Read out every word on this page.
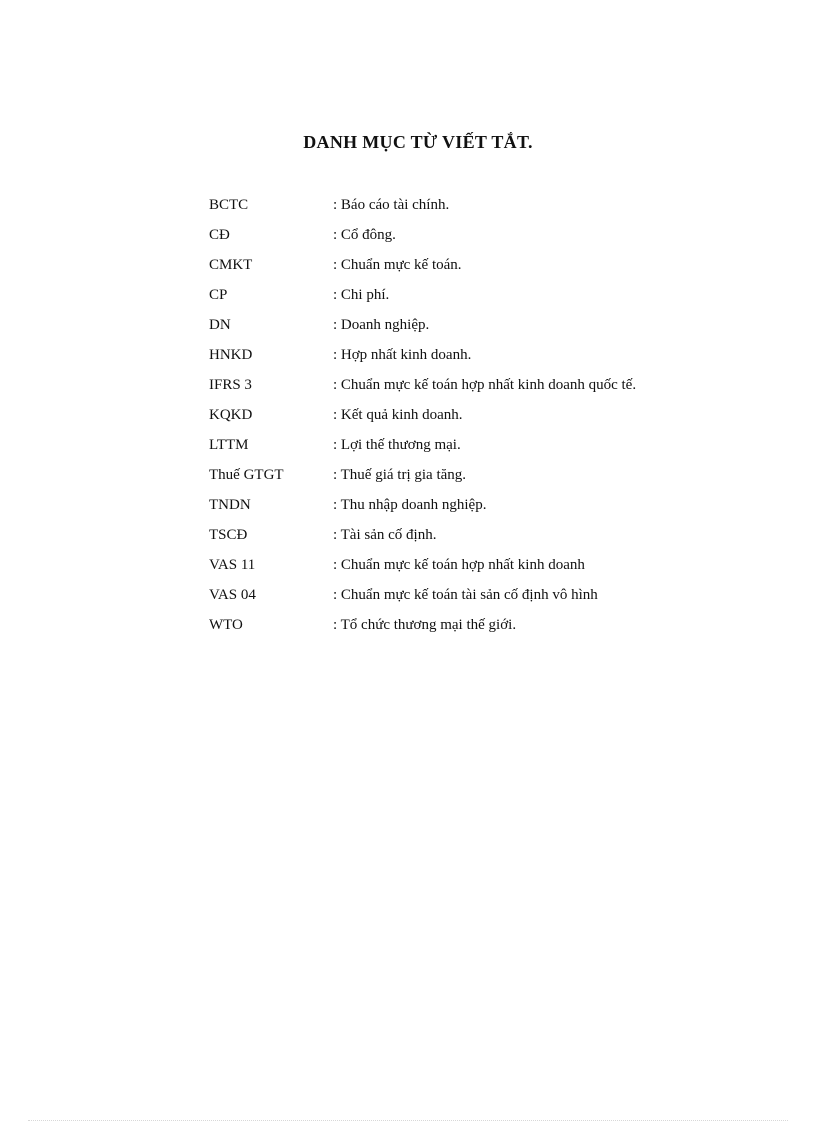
DANH MỤC TỪ VIẾT TẮT.
BCTC	: Báo cáo tài chính.
CĐ	: Cổ đông.
CMKT	: Chuẩn mực kế toán.
CP	: Chi phí.
DN	: Doanh nghiệp.
HNKD	: Hợp nhất kinh doanh.
IFRS 3	: Chuẩn mực kế toán hợp nhất kinh doanh quốc tế.
KQKD	: Kết quả kinh doanh.
LTTM	: Lợi thế thương mại.
Thuế GTGT	: Thuế giá trị gia tăng.
TNDN	: Thu nhập doanh nghiệp.
TSCĐ	: Tài sản cố định.
VAS 11	: Chuẩn mực kế toán hợp nhất kinh doanh
VAS 04	: Chuẩn mực kế toán tài sản cố định vô hình
WTO	: Tổ chức thương mại thế giới.
